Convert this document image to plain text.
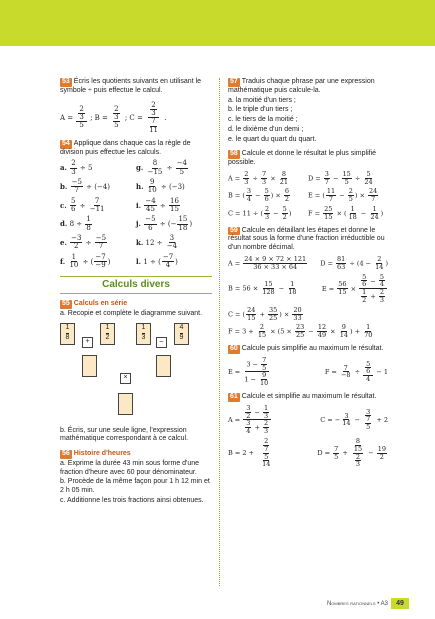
53 Écris les quotients suivants en utilisant le symbole ÷ puis effectue le calcul.
$A = \frac{\frac{2}{3}}{5}$ ; $B = \frac{2}{\frac{3}{5}}$ ; $C = \frac{\frac{2}{3}}{\frac{7}{11}}$ .
54 Applique dans chaque cas la règle de division puis effectue les calculs.
a. $\frac{2}{3} \div 5$	g. $\frac{8}{-15} \div \frac{-4}{5}$
b. $\frac{-5}{7} \div (-4)$	h. $\frac{9}{10} \div (-3)$
c. $\frac{5}{6} \div \frac{7}{-11}$	i. $\frac{-4}{45} \div \frac{16}{15}$
d. $8 \div \frac{1}{8}$	j. $\frac{-5}{6}$ ÷ (− $\frac{15}{18}$ )
e. $\frac{-3}{2} \div \frac{-5}{7}$	k. $12 \div \frac{3}{-4}$
f. $\frac{1}{10}$ ÷ ( $\frac{-7}{-9}$ )	l. 1 ÷ ( $\frac{-7}{4}$ )
Calculs divers
55 Calculs en série
a. Recopie et complète le diagramme suivant.
1
8
+
1
2
1
3
–
4
9
×
b. Écris, sur une seule ligne, l'expression mathématique correspondant à ce calcul.
56 Histoire d'heures
a. Exprime la durée 43 min sous forme d'une fraction d'heure avec 60 pour dénominateur.
b. Procède de la même façon pour 1 h 12 min et 2 h 05 min.
c. Additionne les trois fractions ainsi obtenues.
57 Traduis chaque phrase par une expression mathématique puis calcule-la.
a. la moitié d'un tiers ;
b. le triple d'un tiers ;
c. le tiers de la moitié ;
d. le dixième d'un demi ;
e. le quart du quart du quart.
58 Calcule et donne le résultat le plus simplifié possible.
$A = \frac{2}{3} \div \frac{7}{3} \times \frac{8}{21}$	$D = \frac{3}{7} - \frac{15}{5} \div \frac{5}{24}$
B = ( $\frac{3}{4} - \frac{5}{6}$ ) × $\frac{6}{2}$	E = ( $\frac{11}{7} - \frac{2}{5}$ ) × $\frac{24}{7}$
C = 11 ÷ ( $\frac{2}{3} - \frac{5}{2}$ )	$F = \frac{25}{15}$ × ( $\frac{1}{18} - \frac{1}{24}$ )
59 Calcule en détaillant les étapes et donne le résultat sous la forme d'une fraction irréductible ou d'un nombre décimal.
$A = \frac{24 \times 9 \times 72 \times 121}{36 \times 33 \times 64}$ $D = \frac{81}{63} \div (4 - \frac{2}{14}$ )
$B = 56 \times \frac{15}{128} - \frac{1}{18}$	$E = \frac{56}{15} \times \frac{\frac{5}{6} - \frac{5}{4}}{\frac{1}{2} + \frac{2}{3}}$
C = ( $\frac{24}{15} + \frac{35}{25}$ ) × $\frac{20}{33}$
$F = 3 + \frac{2}{15} \times (5 \times \frac{23}{25} - \frac{12}{49} \times \frac{9}{14}$ ) + $\frac{1}{70}$
60 Calcule puis simplifie au maximum le résultat.
$E = \frac{3 - \frac{7}{5}}{1 - \frac{9}{10}}$	$F = \frac{7}{-8} \div \frac{\frac{5}{6}}{4} - 1$
61 Calcule et simplifie au maximum le résultat.
$A = \frac{\frac{3}{2} - \frac{1}{3}}{\frac{3}{4} + \frac{2}{3}}$	C = − $\frac{3}{14} - \frac{3}{\frac{7}{5}} + 2$
$B = 2 + \frac{2}{\frac{7}{\frac{5}{14}}}$	$D = \frac{7}{5} + \frac{8}{\frac{15}{\frac{2}{3}}} - \frac{19}{2}$
Nombres rationnels • A3	49
